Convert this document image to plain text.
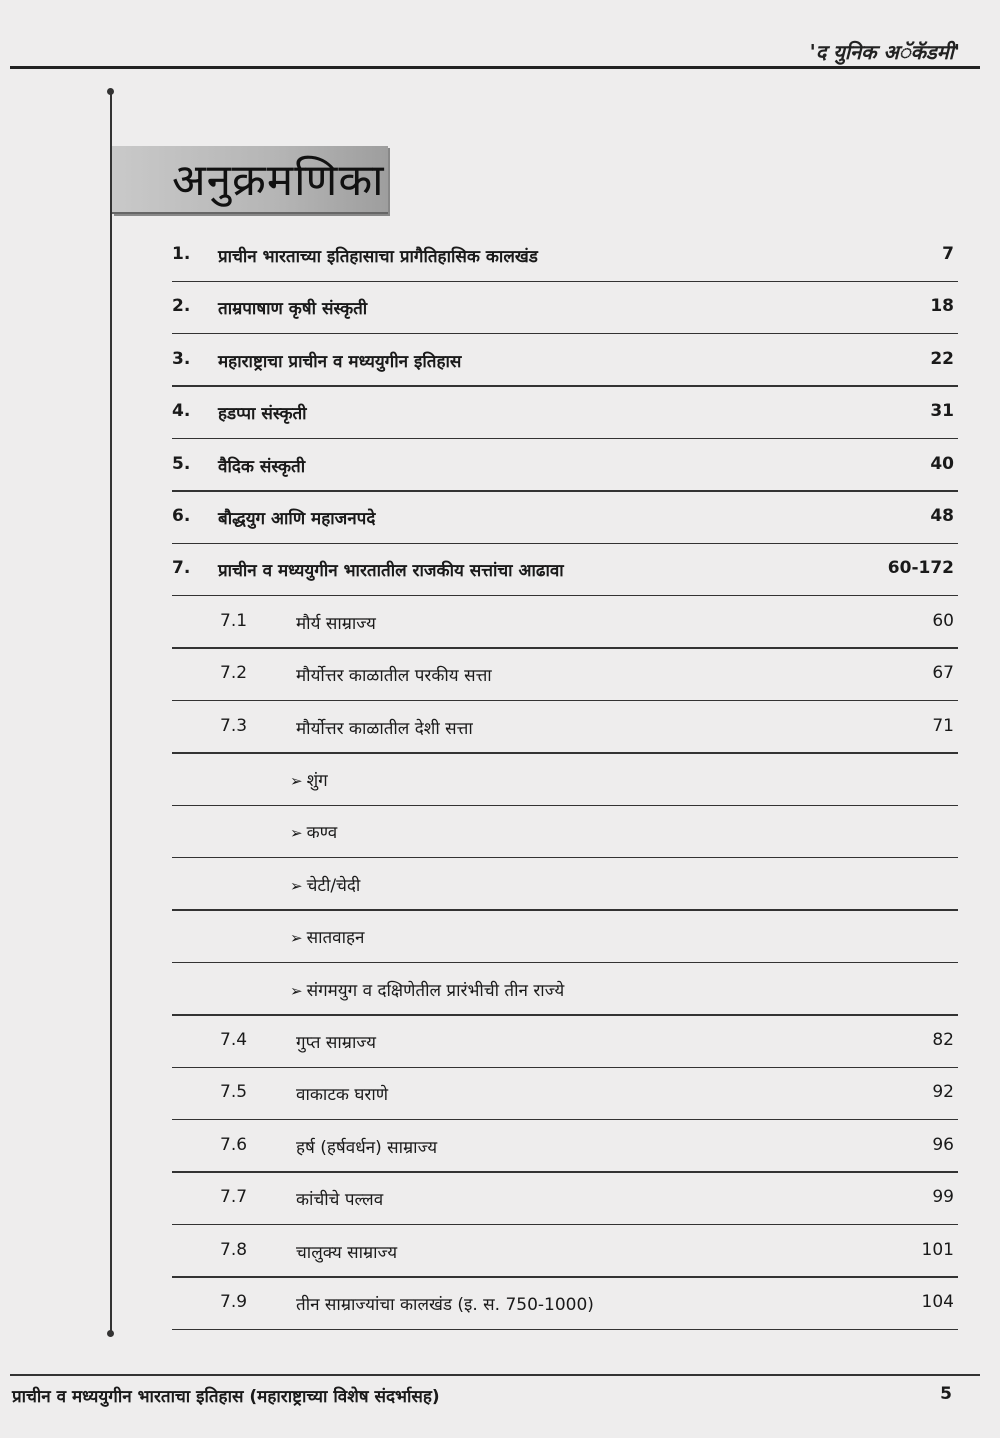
'द युनिक अॅकॅडमी'
अनुक्रमणिका
1. प्राचीन भारताच्या इतिहासाचा प्रागैतिहासिक कालखंड	7
2. ताम्रपाषाण कृषी संस्कृती	18
3. महाराष्ट्राचा प्राचीन व मध्ययुगीन इतिहास	22
4. हडप्पा संस्कृती	31
5. वैदिक संस्कृती	40
6. बौद्धयुग आणि महाजनपदे	48
7. प्राचीन व मध्ययुगीन भारतातील राजकीय सत्तांचा आढावा	60-172
7.1	मौर्य साम्राज्य	60
7.2	मौर्योत्तर काळातील परकीय सत्ता	67
7.3	मौर्योत्तर काळातील देशी सत्ता	71
➢ शुंग
➢ कण्व
➢ चेटी/चेदी
➢ सातवाहन
➢ संगमयुग व दक्षिणेतील प्रारंभीची तीन राज्ये
7.4	गुप्त साम्राज्य	82
7.5	वाकाटक घराणे	92
7.6	हर्ष (हर्षवर्धन) साम्राज्य	96
7.7	कांचीचे पल्लव	99
7.8	चालुक्य साम्राज्य	101
7.9	तीन साम्राज्यांचा कालखंड (इ. स. 750-1000)	104
प्राचीन व मध्ययुगीन भारताचा इतिहास (महाराष्ट्राच्या विशेष संदर्भासह)	5
